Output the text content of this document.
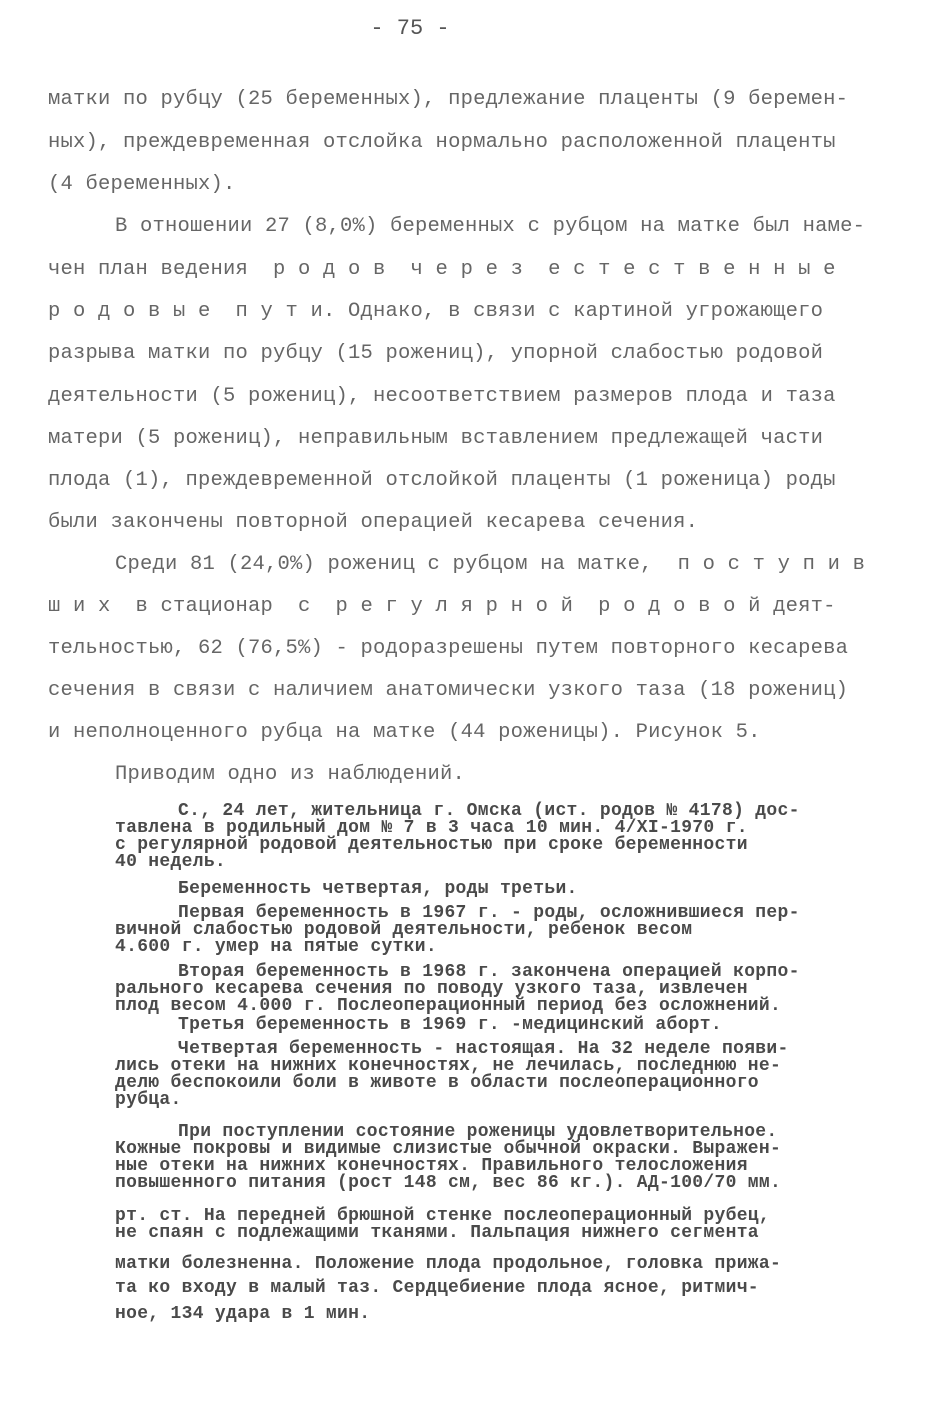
- 75 -
матки по рубцу (25 беременных), предлежание плаценты (9 беремен-
ных), преждевременная отслойка нормально расположенной плаценты
(4 беременных).
В отношении 27 (8,0%) беременных с рубцом на матке был наме-
чен план ведения  р о д о в  ч е р е з  е с т е с т в е н н ы е
р о д о в ы е  п у т и. Однако, в связи с картиной угрожающего
разрыва матки по рубцу (15 рожениц), упорной слабостью родовой
деятельности (5 рожениц), несоответствием размеров плода и таза
матери (5 рожениц), неправильным вставлением предлежащей части
плода (1), преждевременной отслойкой плаценты (1 роженица) роды
были закончены повторной операцией кесарева сечения.
Среди 81 (24,0%) рожениц с рубцом на матке,  п о с т у п и в
ш и х  в стационар  с  р е г у л я р н о й  р о д о в о й деят-
тельностью, 62 (76,5%) - родоразрешены путем повторного кесарева
сечения в связи с наличием анатомически узкого таза (18 рожениц)
и неполноценного рубца на матке (44 роженицы). Рисунок 5.
Приводим одно из наблюдений.
С., 24 лет, жительница г. Омска (ист. родов № 4178) дос-
тавлена в родильный дом № 7 в 3 часа 10 мин. 4/XI-1970 г.
с регулярной родовой деятельностью при сроке беременности
40 недель.
Беременность четвертая, роды третьи.
Первая беременность в 1967 г. - роды, осложнившиеся пер-
вичной слабостью родовой деятельности, ребенок весом
4.600 г. умер на пятые сутки.
Вторая беременность в 1968 г. закончена операцией корпо-
рального кесарева сечения по поводу узкого таза, извлечен
плод весом 4.000 г. Послеоперационный период без осложнений.
Третья беременность в 1969 г. -медицинский аборт.
Четвертая беременность - настоящая. На 32 неделе появи-
лись отеки на нижних конечностях, не лечилась, последнюю не-
делю беспокоили боли в животе в области послеоперационного
рубца.
При поступлении состояние роженицы удовлетворительное.
Кожные покровы и видимые слизистые обычной окраски. Выражен-
ные отеки на нижних конечностях. Правильного телосложения
повышенного питания (рост 148 см, вес 86 кг.). АД-100/70 мм.
рт. ст. На передней брюшной стенке послеоперационный рубец,
не спаян с подлежащими тканями. Пальпация нижнего сегмента
матки болезненна. Положение плода продольное, головка прижа-
та ко входу в малый таз. Сердцебиение плода ясное, ритмич-
ное, 134 удара в 1 мин.
